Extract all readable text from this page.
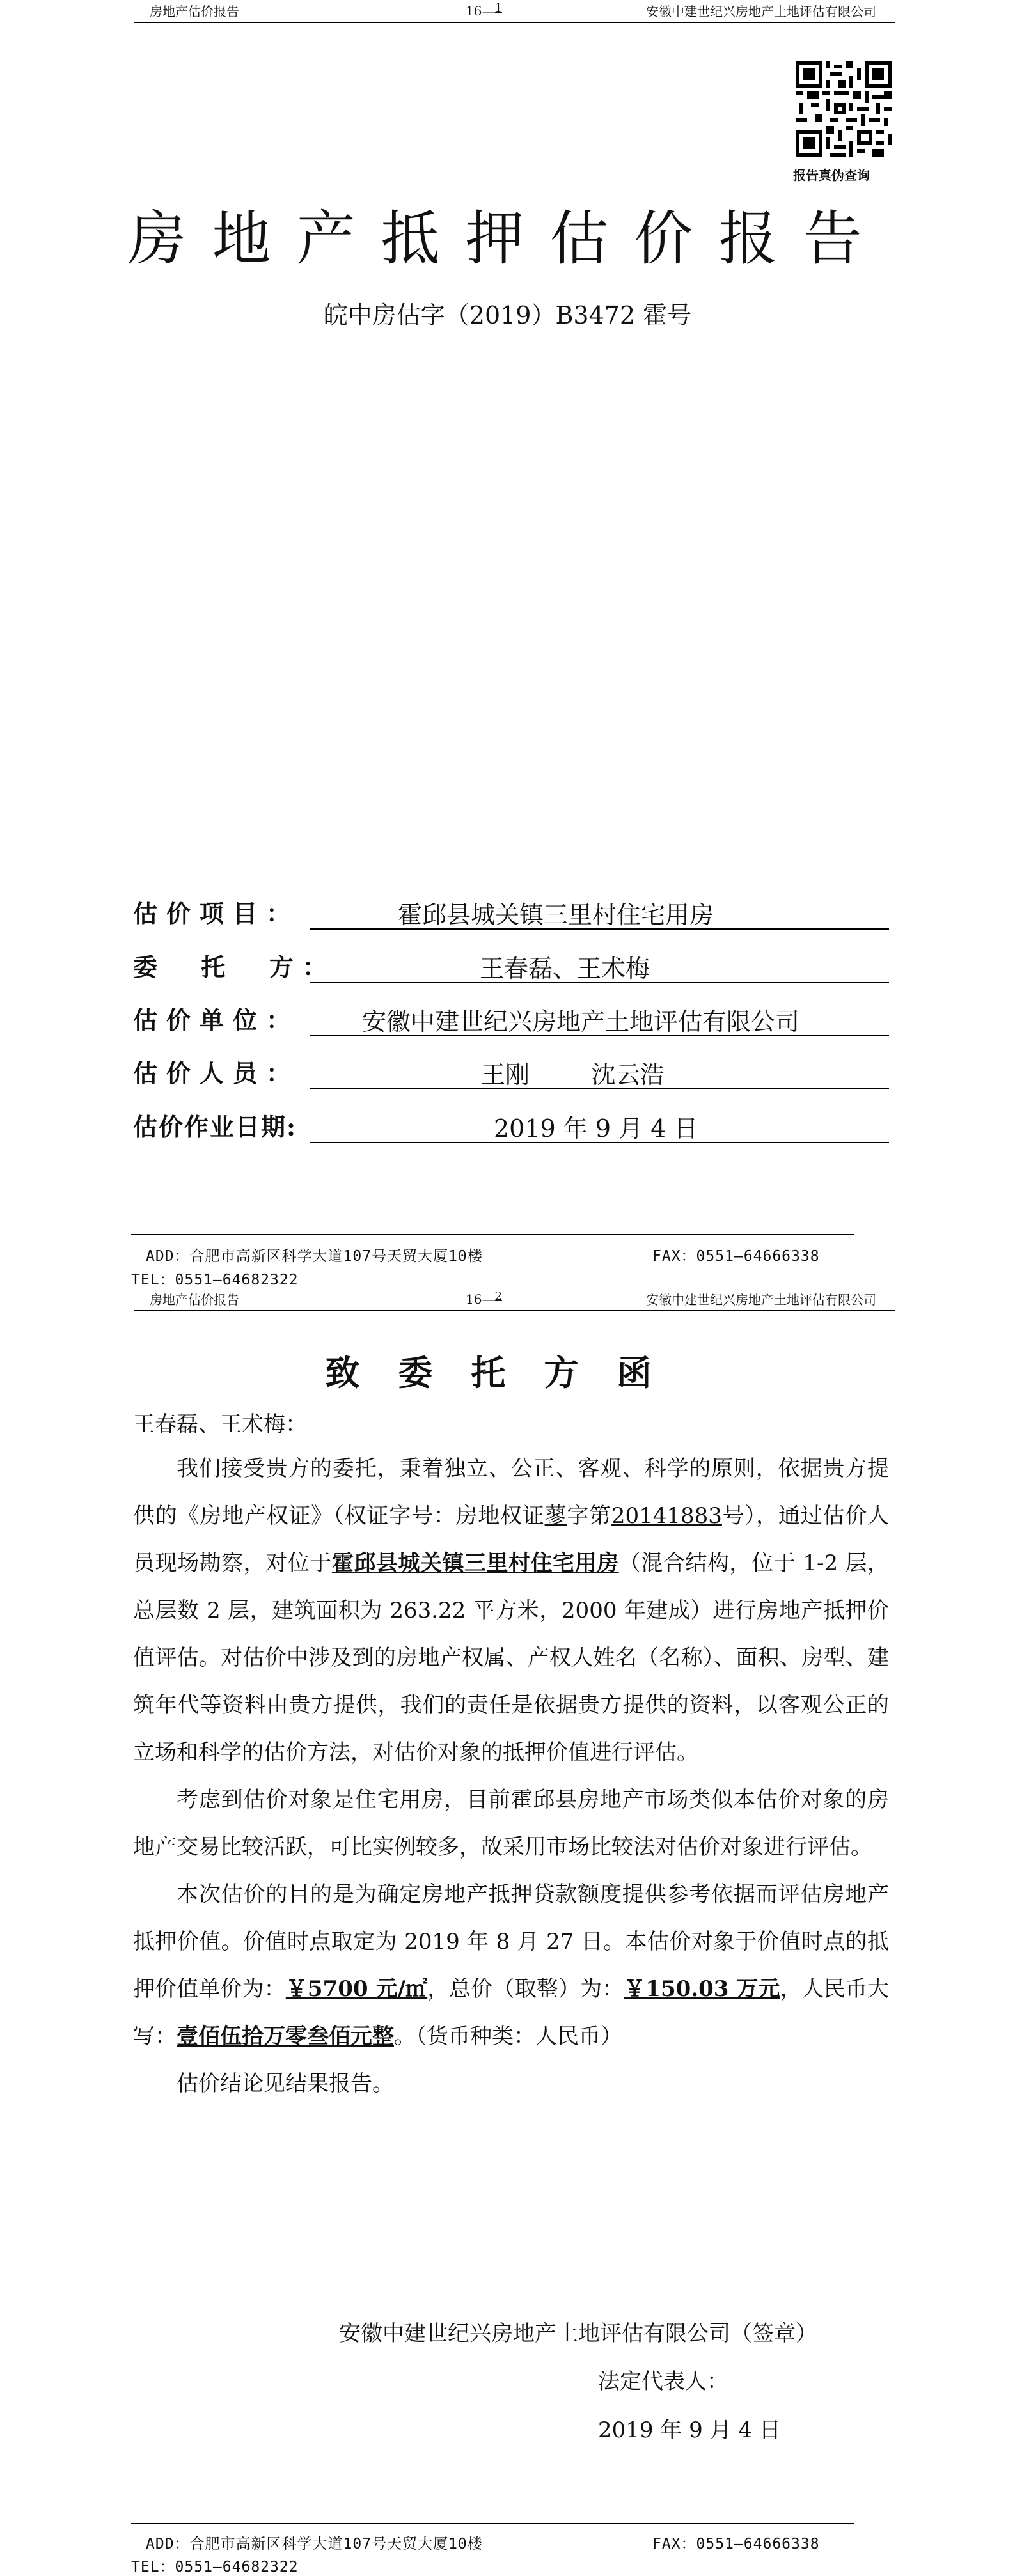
房地产估价报告	16—1	安徽中建世纪兴房地产土地评估有限公司
报告真伪查询
房地产抵押估价报告
皖中房估字（2019）B3472 霍号
估价项目：	霍邱县城关镇三里村住宅用房
委  托  方：	王春磊、王术梅
估价单位：	安徽中建世纪兴房地产土地评估有限公司
估价人员：	王刚        沈云浩
估价作业日期:	2019 年 9 月 4 日
ADD：合肥市高新区科学大道107号天贸大厦10楼	FAX：0551—64666338
TEL：0551—64682322
房地产估价报告	16—2	安徽中建世纪兴房地产土地评估有限公司
致委托方函
王春磊、王术梅：

我们接受贵方的委托，秉着独立、公正、客观、科学的原则，依据贵方提供的《房地产权证》（权证字号：房地权证蓼字第20141883号），通过估价人员现场勘察，对位于霍邱县城关镇三里村住宅用房（混合结构，位于 1-2 层，总层数 2 层，建筑面积为 263.22 平方米，2000 年建成）进行房地产抵押价值评估。对估价中涉及到的房地产权属、产权人姓名（名称）、面积、房型、建筑年代等资料由贵方提供，我们的责任是依据贵方提供的资料，以客观公正的立场和科学的估价方法，对估价对象的抵押价值进行评估。

考虑到估价对象是住宅用房，目前霍邱县房地产市场类似本估价对象的房地产交易比较活跃，可比实例较多，故采用市场比较法对估价对象进行评估。

本次估价的目的是为确定房地产抵押贷款额度提供参考依据而评估房地产抵押价值。价值时点取定为 2019 年 8 月 27 日。本估价对象于价值时点的抵押价值单价为：￥5700 元/㎡，总价（取整）为：￥150.03 万元，人民币大写：壹佰伍拾万零叁佰元整。（货币种类：人民币）

估价结论见结果报告。

安徽中建世纪兴房地产土地评估有限公司（签章）
法定代表人：
2019 年 9 月 4 日
ADD：合肥市高新区科学大道107号天贸大厦10楼	FAX：0551—64666338
TEL：0551—64682322
